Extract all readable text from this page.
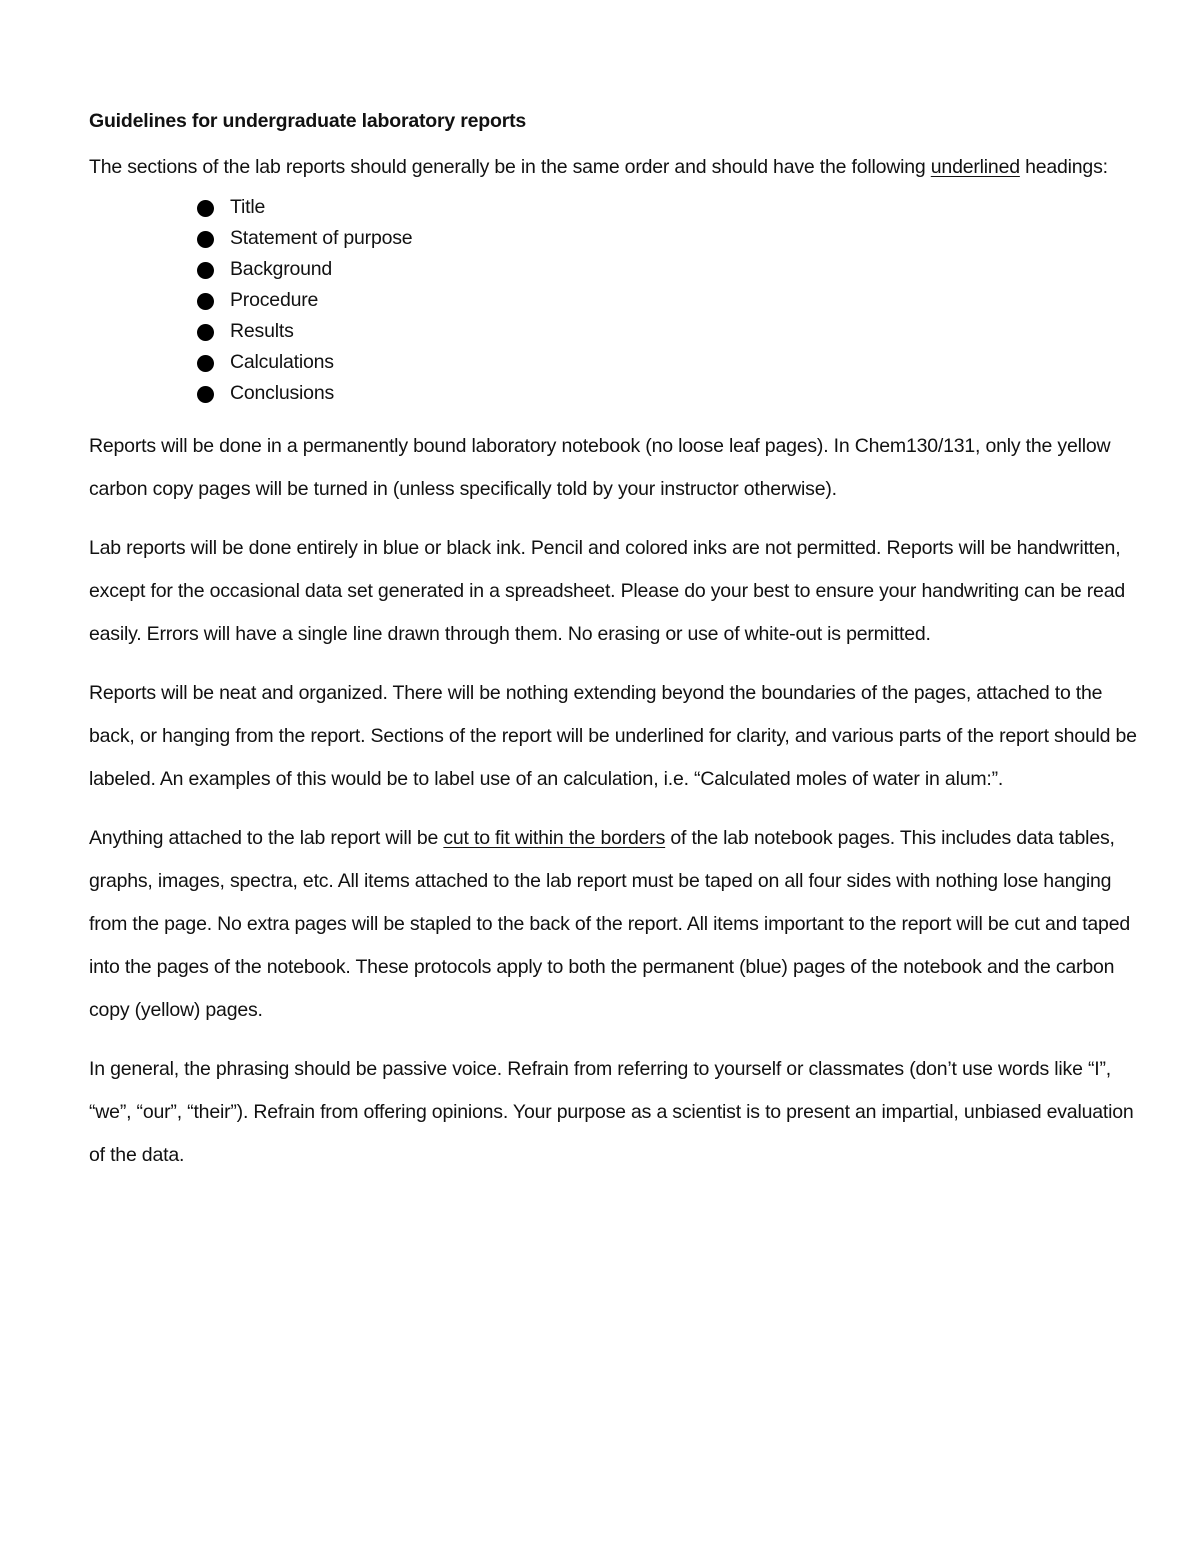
Guidelines for undergraduate laboratory reports

The sections of the lab reports should generally be in the same order and should have the following underlined headings:

Title
Statement of purpose
Background
Procedure
Results
Calculations
Conclusions

Reports will be done in a permanently bound laboratory notebook (no loose leaf pages). In Chem130/131, only the yellow carbon copy pages will be turned in (unless specifically told by your instructor otherwise).

Lab reports will be done entirely in blue or black ink. Pencil and colored inks are not permitted. Reports will be handwritten, except for the occasional data set generated in a spreadsheet. Please do your best to ensure your handwriting can be read easily. Errors will have a single line drawn through them. No erasing or use of white-out is permitted.

Reports will be neat and organized. There will be nothing extending beyond the boundaries of the pages, attached to the back, or hanging from the report. Sections of the report will be underlined for clarity, and various parts of the report should be labeled. An examples of this would be to label use of an calculation, i.e. “Calculated moles of water in alum:”.

Anything attached to the lab report will be cut to fit within the borders of the lab notebook pages. This includes data tables, graphs, images, spectra, etc. All items attached to the lab report must be taped on all four sides with nothing lose hanging from the page. No extra pages will be stapled to the back of the report. All items important to the report will be cut and taped into the pages of the notebook. These protocols apply to both the permanent (blue) pages of the notebook and the carbon copy (yellow) pages.

In general, the phrasing should be passive voice. Refrain from referring to yourself or classmates (don’t use words like “I”, “we”, “our”, “their”). Refrain from offering opinions. Your purpose as a scientist is to present an impartial, unbiased evaluation of the data.
